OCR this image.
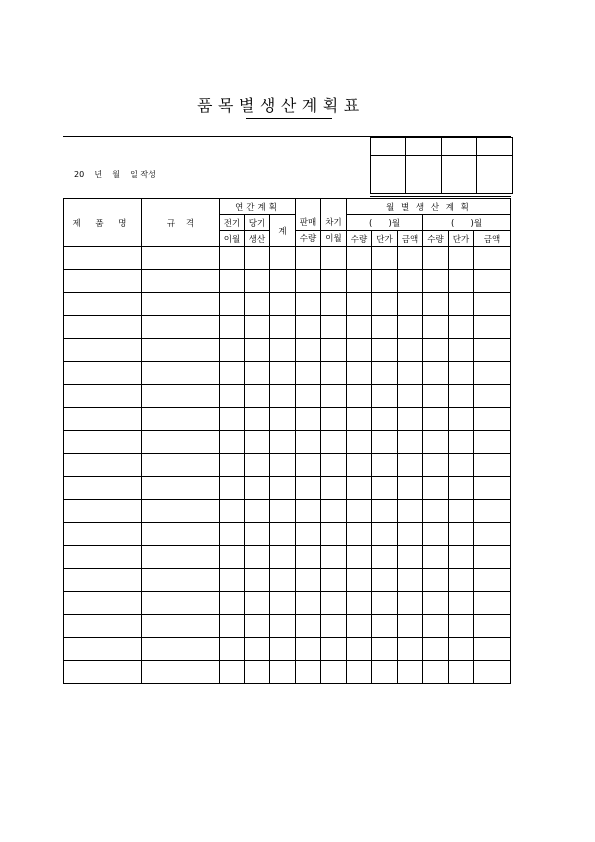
품목별생산계획표
20    년    월    일 작성

제 품 명	규    격	연간계획			판매	차기	월 별 생 산 계 획					
		전기	당기	계			(      )월			(      )월		
		이월	생산		수량	이월	수량	단가	금액	수량	단가	금액
